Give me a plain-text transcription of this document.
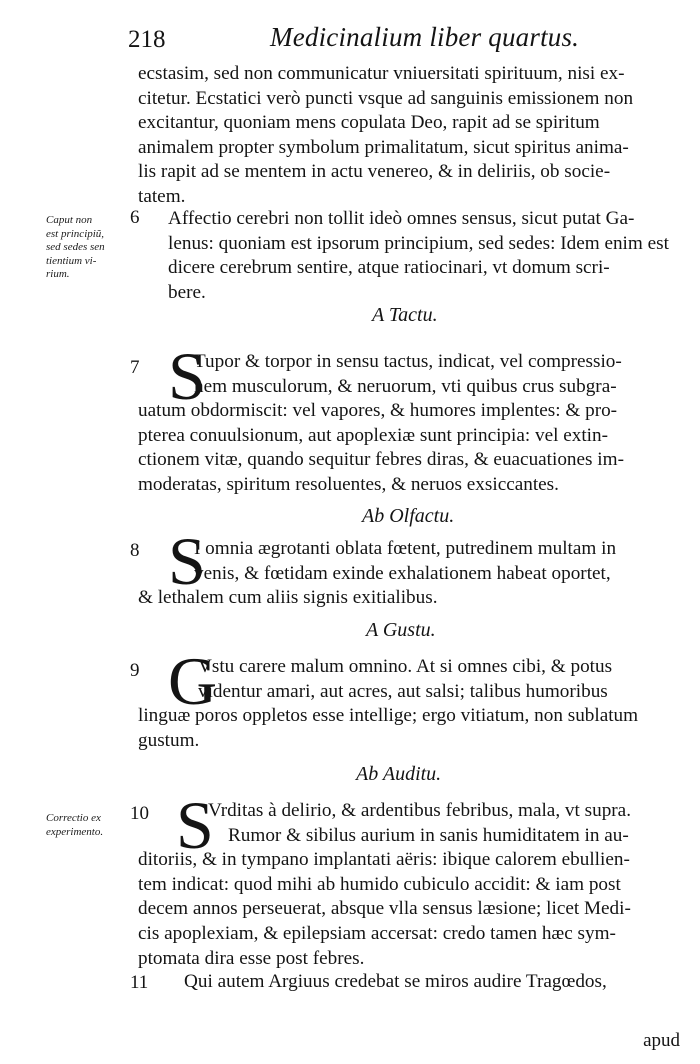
218	Medicinalium liber quartus.
ecstasim, sed non communicatur vniuersitati spirituum, nisi ex-
citetur. Ecstatici verò puncti vsque ad sanguinis emissionem non
excitantur, quoniam mens copulata Deo, rapit ad se spiritum
animalem propter symbolum primalitatum, sicut spiritus anima-
lis rapit ad se mentem in actu venereo, & in deliriis, ob socie-
tatem.
Caput non
est principiũ,
sed sedes sen
tientium vi-
rium.
6 Affectio cerebri non tollit ideò omnes sensus, sicut putat Ga-
lenus: quoniam est ipsorum principium, sed sedes: Idem enim est
dicere cerebrum sentire, atque ratiocinari, vt domum scri-
bere.
A Tactu.
7 S
Tupor & torpor in sensu tactus, indicat, vel compressio-
nem musculorum, & neruorum, vti quibus crus subgra-
uatum obdormiscit: vel vapores, & humores implentes: & pro-
pterea conuulsionum, aut apoplexiæ sunt principia: vel extin-
ctionem vitæ, quando sequitur febres diras, & euacuationes im-
moderatas, spiritum resoluentes, & neruos exsiccantes.
Ab Olfactu.
8 S
I omnia ægrotanti oblata fœtent, putredinem multam in
venis, & fœtidam exinde exhalationem habeat oportet,
& lethalem cum aliis signis exitialibus.
A Gustu.
9 G
Vstu carere malum omnino. At si omnes cibi, & potus
videntur amari, aut acres, aut salsi; talibus humoribus
linguæ poros oppletos esse intellige; ergo vitiatum, non sublatum
gustum.
Ab Auditu.
Correctio ex
experimento.
10 S
Vrditas à delirio, & ardentibus febribus, mala, vt supra.
Rumor & sibilus aurium in sanis humiditatem in au-
ditoriis, & in tympano implantati aëris: ibique calorem ebullien-
tem indicat: quod mihi ab humido cubiculo accidit: & iam post
decem annos perseuerat, absque vlla sensus læsione; licet Medi-
cis apoplexiam, & epilepsiam accersat: credo tamen hæc sym-
ptomata dira esse post febres.
11 Qui autem Argiuus credebat se miros audire Tragœdos,
apud
